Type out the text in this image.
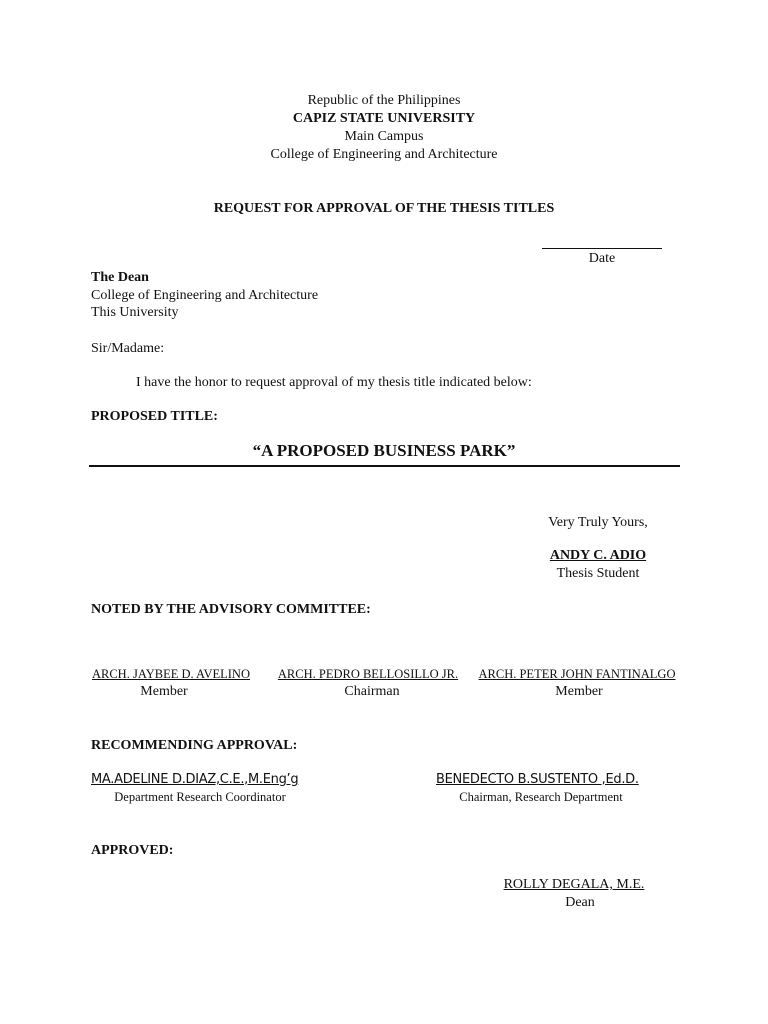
Republic of the Philippines
CAPIZ STATE UNIVERSITY
Main Campus
College of Engineering and Architecture
REQUEST FOR APPROVAL OF THE THESIS TITLES
Date
The Dean
College of Engineering and Architecture
This University
Sir/Madame:
I have the honor to request approval of my thesis title indicated below:
PROPOSED TITLE:
“A PROPOSED BUSINESS PARK”
Very Truly Yours,
ANDY C. ADIO
Thesis Student
NOTED BY THE ADVISORY COMMITTEE:
ARCH. JAYBEE D. AVELINO
Member
ARCH. PEDRO BELLOSILLO JR.
Chairman
ARCH. PETER JOHN FANTINALGO
Member
RECOMMENDING APPROVAL:
MA.ADELINE D.DIAZ,C.E.,M.Eng’g
Department Research Coordinator
BENEDECTO B.SUSTENTO ,Ed.D.
Chairman, Research Department
APPROVED:
ROLLY DEGALA, M.E.
Dean
